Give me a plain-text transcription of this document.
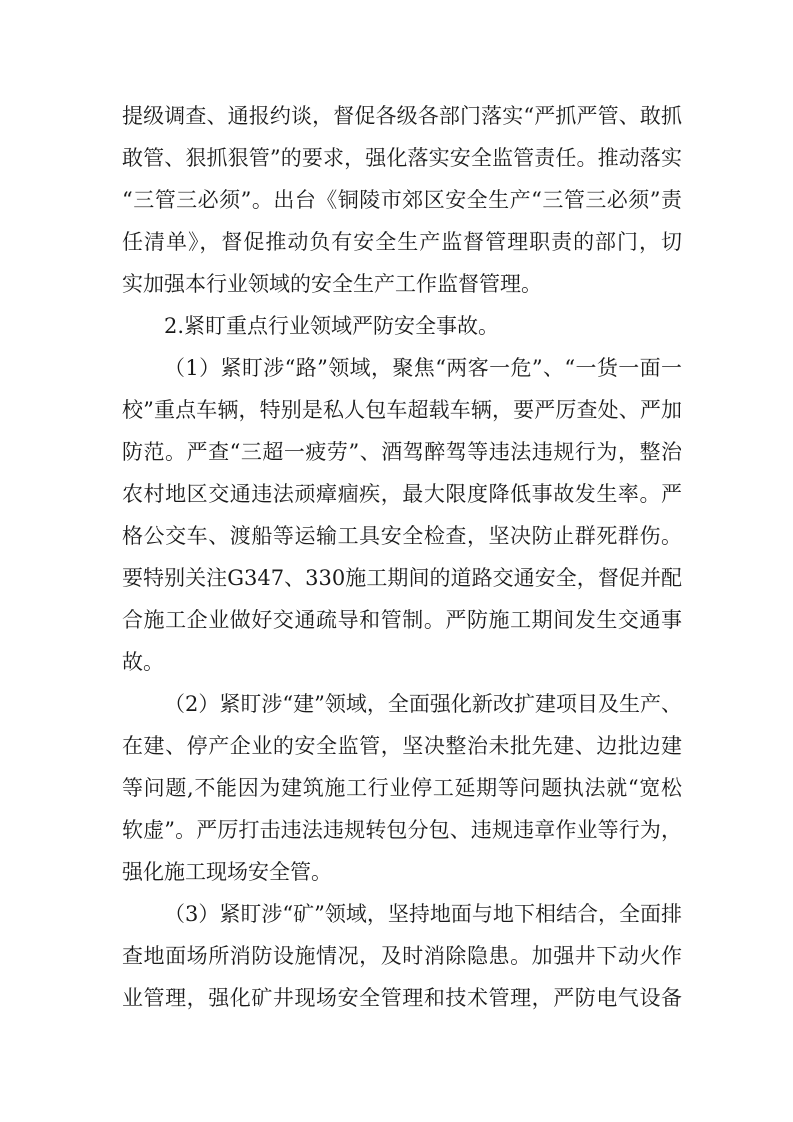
提级调查、通报约谈，督促各级各部门落实“严抓严管、敢抓
敢管、狠抓狠管”的要求，强化落实安全监管责任。推动落实
“三管三必须”。出台《铜陵市郊区安全生产“三管三必须”责
任清单》，督促推动负有安全生产监督管理职责的部门，切
实加强本行业领域的安全生产工作监督管理。
2.紧盯重点行业领域严防安全事故。
（1）紧盯涉“路”领域，聚焦“两客一危”、“一货一面一
校”重点车辆，特别是私人包车超载车辆，要严厉查处、严加
防范。严查“三超一疲劳”、酒驾醉驾等违法违规行为，整治
农村地区交通违法顽瘴痼疾，最大限度降低事故发生率。严
格公交车、渡船等运输工具安全检查，坚决防止群死群伤。
要特别关注G347、330施工期间的道路交通安全，督促并配
合施工企业做好交通疏导和管制。严防施工期间发生交通事
故。
（2）紧盯涉“建”领域，全面强化新改扩建项目及生产、
在建、停产企业的安全监管，坚决整治未批先建、边批边建
等问题,不能因为建筑施工行业停工延期等问题执法就“宽松
软虚”。严厉打击违法违规转包分包、违规违章作业等行为，
强化施工现场安全管。
（3）紧盯涉“矿”领域，坚持地面与地下相结合，全面排
查地面场所消防设施情况，及时消除隐患。加强井下动火作
业管理，强化矿井现场安全管理和技术管理，严防电气设备
